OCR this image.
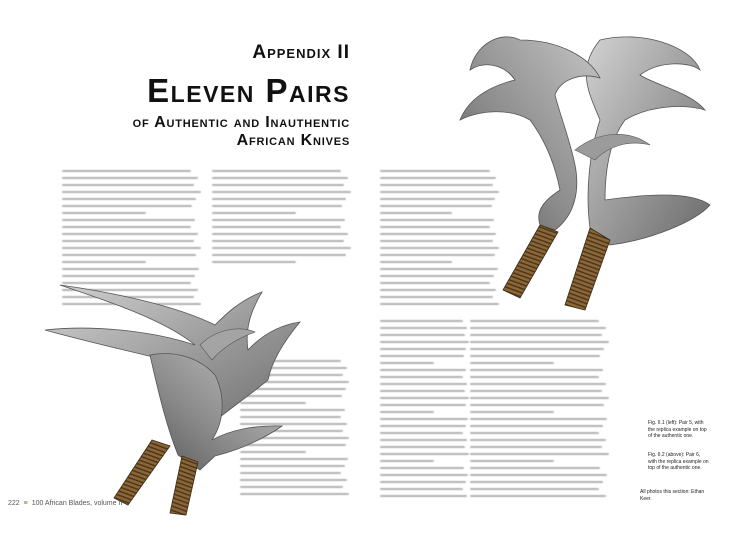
Appendix II
Eleven Pairs
of Authentic and Inauthentic
African Knives
Fig. II.1 (left): Pair 5, with the replica example on top of the authentic one.
Fig. II.2 (above): Pair 6, with the replica example on top of the authentic one.
All photos this section: Ethan Keer.
222 ≡ 100 African Blades, volume II
